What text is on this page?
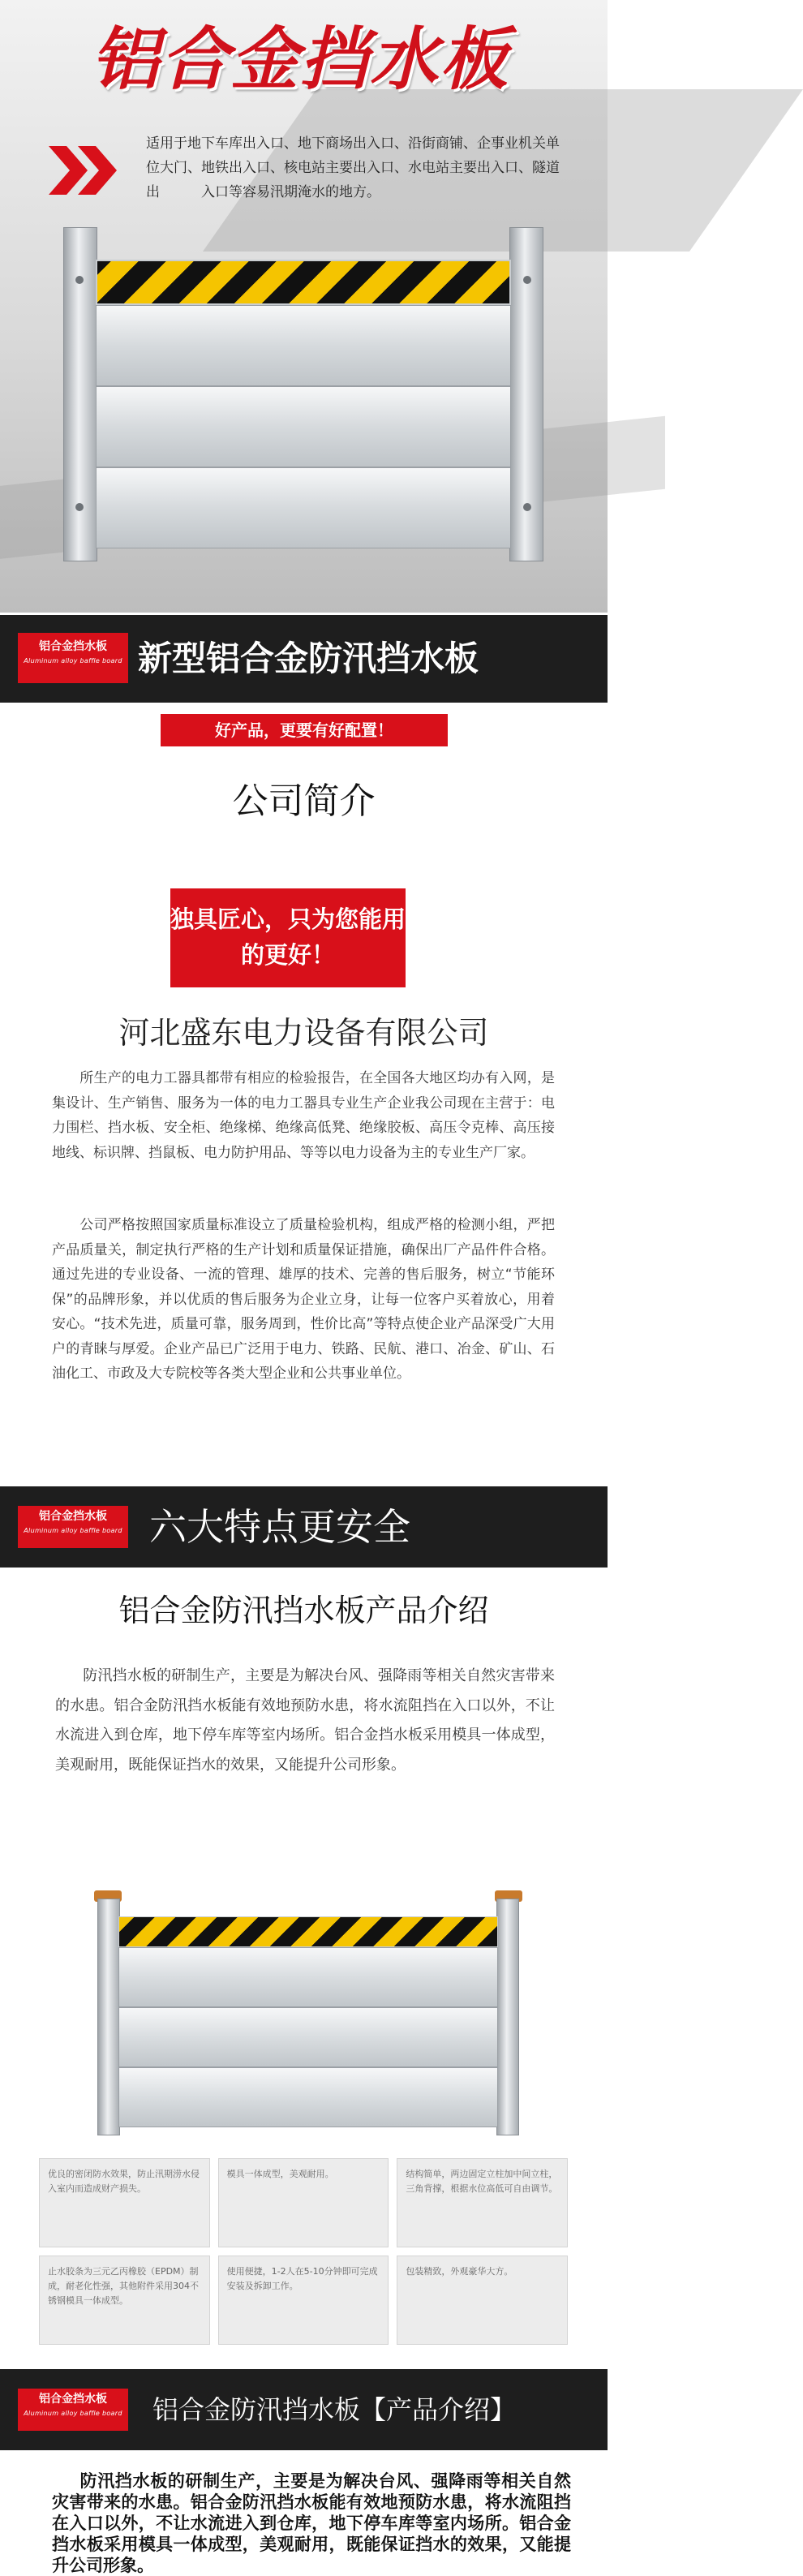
铝合金挡水板
适用于地下车库出入口、地下商场出入口、沿街商铺、企事业机关单位大门、地铁出入口、核电站主要出入口、水电站主要出入口、隧道出　　　入口等容易汛期淹水的地方。
铝合金挡水板
Aluminum alloy baffle board 新型铝合金防汛挡水板
好产品，更要有好配置！
公司简介
独具匠心，只为您能用的更好！
河北盛东电力设备有限公司
所生产的电力工器具都带有相应的检验报告，在全国各大地区均办有入网，是集设计、生产销售、服务为一体的电力工器具专业生产企业我公司现在主营于：电力围栏、挡水板、安全柜、绝缘梯、绝缘高低凳、绝缘胶板、高压令克棒、高压接地线、标识牌、挡鼠板、电力防护用品、等等以电力设备为主的专业生产厂家。
公司严格按照国家质量标准设立了质量检验机构，组成严格的检测小组，严把产品质量关，制定执行严格的生产计划和质量保证措施，确保出厂产品件件合格。通过先进的专业设备、一流的管理、雄厚的技术、完善的售后服务，树立“节能环保”的品牌形象，并以优质的售后服务为企业立身，让每一位客户买着放心，用着安心。“技术先进，质量可靠，服务周到，性价比高”等特点使企业产品深受广大用户的青睐与厚爱。企业产品已广泛用于电力、铁路、民航、港口、冶金、矿山、石油化工、市政及大专院校等各类大型企业和公共事业单位。
铝合金挡水板
Aluminum alloy baffle board 六大特点更安全
铝合金防汛挡水板产品介绍
防汛挡水板的研制生产，主要是为解决台风、强降雨等相关自然灾害带来的水患。铝合金防汛挡水板能有效地预防水患，将水流阻挡在入口以外，不让水流进入到仓库，地下停车库等室内场所。铝合金挡水板采用模具一体成型，美观耐用，既能保证挡水的效果，又能提升公司形象。
优良的密闭防水效果，防止汛期涝水侵入室内而造成财产损失。
模具一体成型，美观耐用。	结构简单，两边固定立柱加中间立柱，三角背撑，根据水位高低可自由调节。
止水胶条为三元乙丙橡胶（EPDM）制成，耐老化性强，其他附件采用304不锈钢模具一体成型。
使用便捷，1-2人在5-10分钟即可完成安装及拆卸工作。
包装精致，外观豪华大方。
铝合金挡水板
Aluminum alloy baffle board 铝合金防汛挡水板【产品介绍】
防汛挡水板的研制生产，主要是为解决台风、强降雨等相关自然灾害带来的水患。铝合金防汛挡水板能有效地预防水患，将水流阻挡在入口以外，不让水流进入到仓库，地下停车库等室内场所。铝合金挡水板采用模具一体成型，美观耐用，既能保证挡水的效果，又能提升公司形象。
